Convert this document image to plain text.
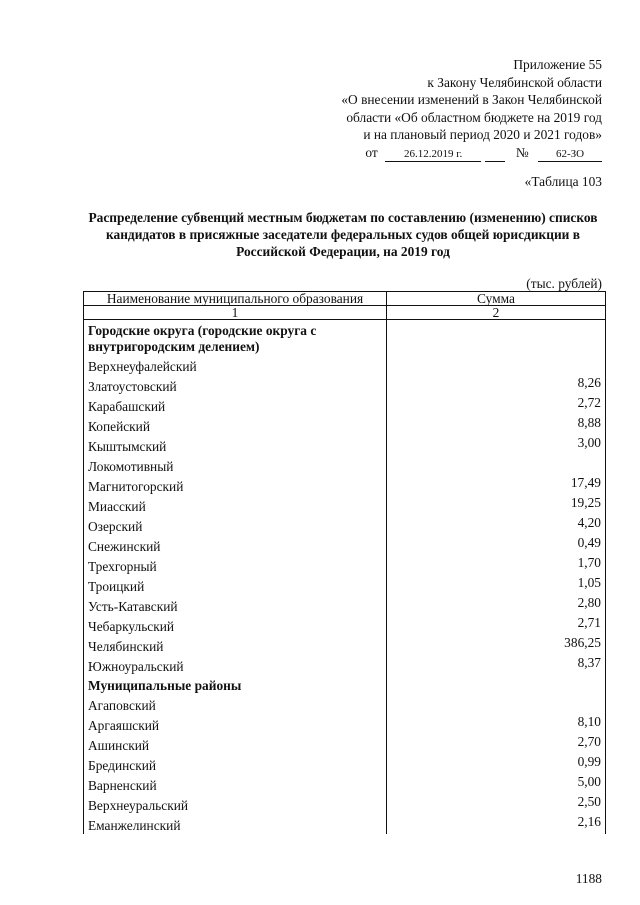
Приложение 55
к Закону Челябинской области
«О внесении изменений в Закон Челябинской
области «Об областном бюджете на 2019 год
и на плановый период 2020 и 2021 годов»
от 26.12.2019 г.	№ 62-ЗО
«Таблица 103
Распределение субвенций местным бюджетам по составлению (изменению) списков кандидатов в присяжные заседатели федеральных судов общей юрисдикции в Российской Федерации, на 2019 год
(тыс. рублей)
Наименование муниципального образования	Сумма
1	2
Городские округа (городские округа с внутригородским делением)	
Верхнеуфалейский	
Златоустовский	8,26
Карабашский	2,72
Копейский	8,88
Кыштымский	3,00
Локомотивный	
Магнитогорский	17,49
Миасский	19,25
Озерский	4,20
Снежинский	0,49
Трехгорный	1,70
Троицкий	1,05
Усть-Катавский	2,80
Чебаркульский	2,71
Челябинский	386,25
Южноуральский	8,37
Муниципальные районы	
Агаповский	
Аргаяшский	8,10
Ашинский	2,70
Брединский	0,99
Варненский	5,00
Верхнеуральский	2,50
Еманжелинский	2,16
1188
